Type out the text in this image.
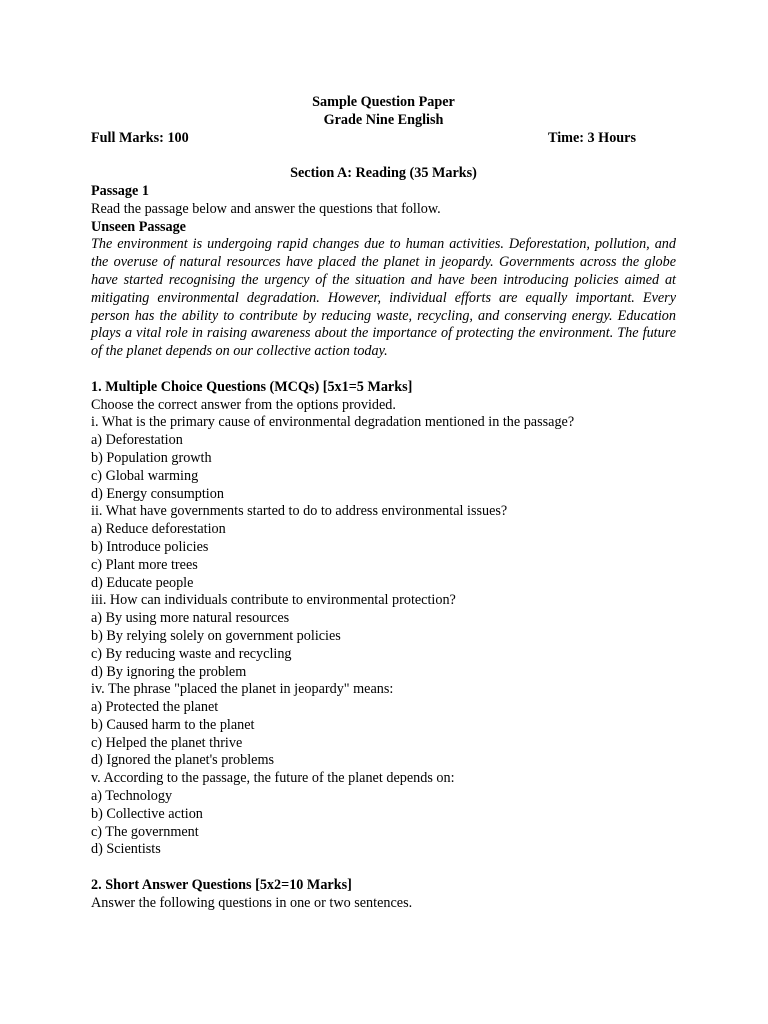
Sample Question Paper
Grade Nine English
Full Marks: 100	Time: 3 Hours
Section A: Reading (35 Marks)
Passage 1
Read the passage below and answer the questions that follow.
Unseen Passage
The environment is undergoing rapid changes due to human activities. Deforestation, pollution, and the overuse of natural resources have placed the planet in jeopardy. Governments across the globe have started recognising the urgency of the situation and have been introducing policies aimed at mitigating environmental degradation. However, individual efforts are equally important. Every person has the ability to contribute by reducing waste, recycling, and conserving energy. Education plays a vital role in raising awareness about the importance of protecting the environment. The future of the planet depends on our collective action today.
1. Multiple Choice Questions (MCQs) [5x1=5 Marks]
Choose the correct answer from the options provided.
i. What is the primary cause of environmental degradation mentioned in the passage?
a) Deforestation
b) Population growth
c) Global warming
d) Energy consumption
ii. What have governments started to do to address environmental issues?
a) Reduce deforestation
b) Introduce policies
c) Plant more trees
d) Educate people
iii. How can individuals contribute to environmental protection?
a) By using more natural resources
b) By relying solely on government policies
c) By reducing waste and recycling
d) By ignoring the problem
iv. The phrase "placed the planet in jeopardy" means:
a) Protected the planet
b) Caused harm to the planet
c) Helped the planet thrive
d) Ignored the planet's problems
v. According to the passage, the future of the planet depends on:
a) Technology
b) Collective action
c) The government
d) Scientists
2. Short Answer Questions [5x2=10 Marks]
Answer the following questions in one or two sentences.
